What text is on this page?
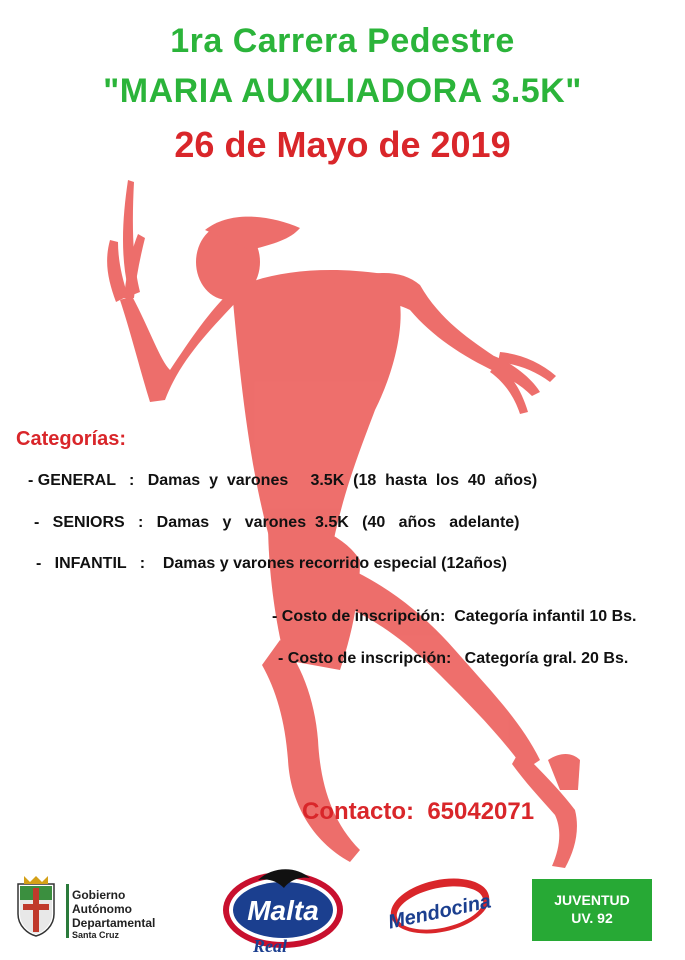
1ra Carrera Pedestre
"MARIA AUXILIADORA 3.5K"
26 de Mayo de 2019
Categorías:
- GENERAL   :   Damas  y  varones     3.5K  (18  hasta  los  40  años)
-   SENIORS   :   Damas   y   varones  3.5K   (40   años   adelante)
-   INFANTIL   :    Damas y varones recorrido especial (12años)
- Costo de inscripción:  Categoría infantil 10 Bs.
- Costo de inscripción:   Categoría gral. 20 Bs.
Contacto:  65042071
Gobierno
Autónomo
Departamental
Santa Cruz
Malta
Real
Mendocina	JUVENTUD
UV. 92
